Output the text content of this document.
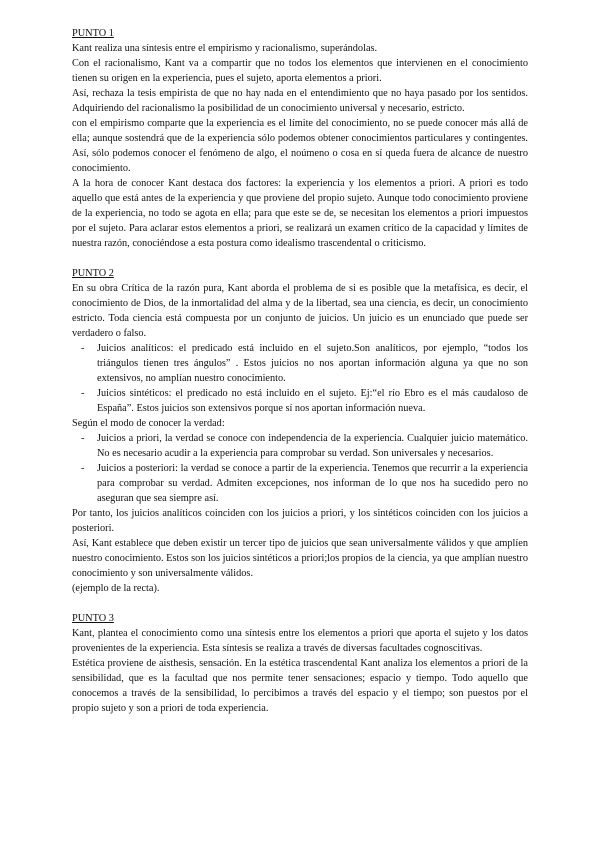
PUNTO 1

Kant realiza una síntesis entre el empirismo y racionalismo, superándolas.

Con el racionalismo, Kant va a compartir que no todos los elementos que intervienen en el conocimiento tienen su origen en la experiencia, pues el sujeto, aporta elementos a priori.

Así, rechaza la tesis empirista de que no hay nada en el entendimiento que no haya pasado por los sentidos. Adquiriendo del racionalismo la posibilidad de un conocimiento universal y necesario, estricto.

con el empirismo comparte que la experiencia es el límite del conocimiento, no se puede conocer más allá de ella; aunque sostendrá que de la experiencia sólo podemos obtener conocimientos particulares y contingentes. Así, sólo podemos conocer el fenómeno de algo, el noúmeno o cosa en sí queda fuera de alcance de nuestro conocimiento.

A la hora de conocer Kant destaca dos factores: la experiencia y los elementos a priori. A priori es todo aquello que está antes de la experiencia y que proviene del propio sujeto. Aunque todo conocimiento proviene de la experiencia, no todo se agota en ella; para que este se de, se necesitan los elementos a priori impuestos por el sujeto. Para aclarar estos elementos a priori, se realizará un examen crítico de la capacidad y límites de nuestra razón, conociéndose a esta postura como idealismo trascendental o criticismo.

PUNTO 2

En su obra Crítica de la razón pura, Kant aborda el problema de si es posible que la metafísica, es decir, el conocimiento de Dios, de la inmortalidad del alma y de la libertad, sea una ciencia, es decir, un conocimiento estricto. Toda ciencia está compuesta por un conjunto de juicios. Un juicio es un enunciado que puede ser verdadero o falso.

- Juicios analíticos: el predicado está incluido en el sujeto.Son analíticos, por ejemplo, “todos los triángulos tienen tres ángulos” . Estos juicios no nos aportan información alguna ya que no son extensivos, no amplían nuestro conocimiento.
- Juicios sintéticos: el predicado no está incluido en el sujeto. Ej:“el río Ebro es el más caudaloso de España”. Estos juicios son extensivos porque sí nos aportan información nueva.

Según el modo de conocer la verdad:

- Juicios a priori, la verdad se conoce con independencia de la experiencia. Cualquier juicio matemático. No es necesario acudir a la experiencia para comprobar su verdad. Son universales y necesarios.
- Juicios a posteriori: la verdad se conoce a partir de la experiencia. Tenemos que recurrir a la experiencia para comprobar su verdad. Admiten excepciones, nos informan de lo que nos ha sucedido pero no aseguran que sea siempre así.

Por tanto, los juicios analíticos coinciden con los juicios a priori, y los sintéticos coinciden con los juicios a posteriori.

Así, Kant establece que deben existir un tercer tipo de juicios que sean universalmente válidos y que amplíen nuestro conocimiento. Estos son los juicios sintéticos a priori;los propios de la ciencia, ya que amplían nuestro conocimiento y son universalmente válidos.

(ejemplo de la recta).

PUNTO 3

Kant, plantea el conocimiento como una síntesis entre los elementos a priori que aporta el sujeto y los datos provenientes de la experiencia. Esta síntesis se realiza a través de diversas facultades cognoscitivas.

Estética proviene de aisthesis, sensación. En la estética trascendental Kant analiza los elementos a priori de la sensibilidad, que es la facultad que nos permite tener sensaciones; espacio y tiempo. Todo aquello que conocemos a través de la sensibilidad, lo percibimos a través del espacio y el tiempo; son puestos por el propio sujeto y son a priori de toda experiencia.
